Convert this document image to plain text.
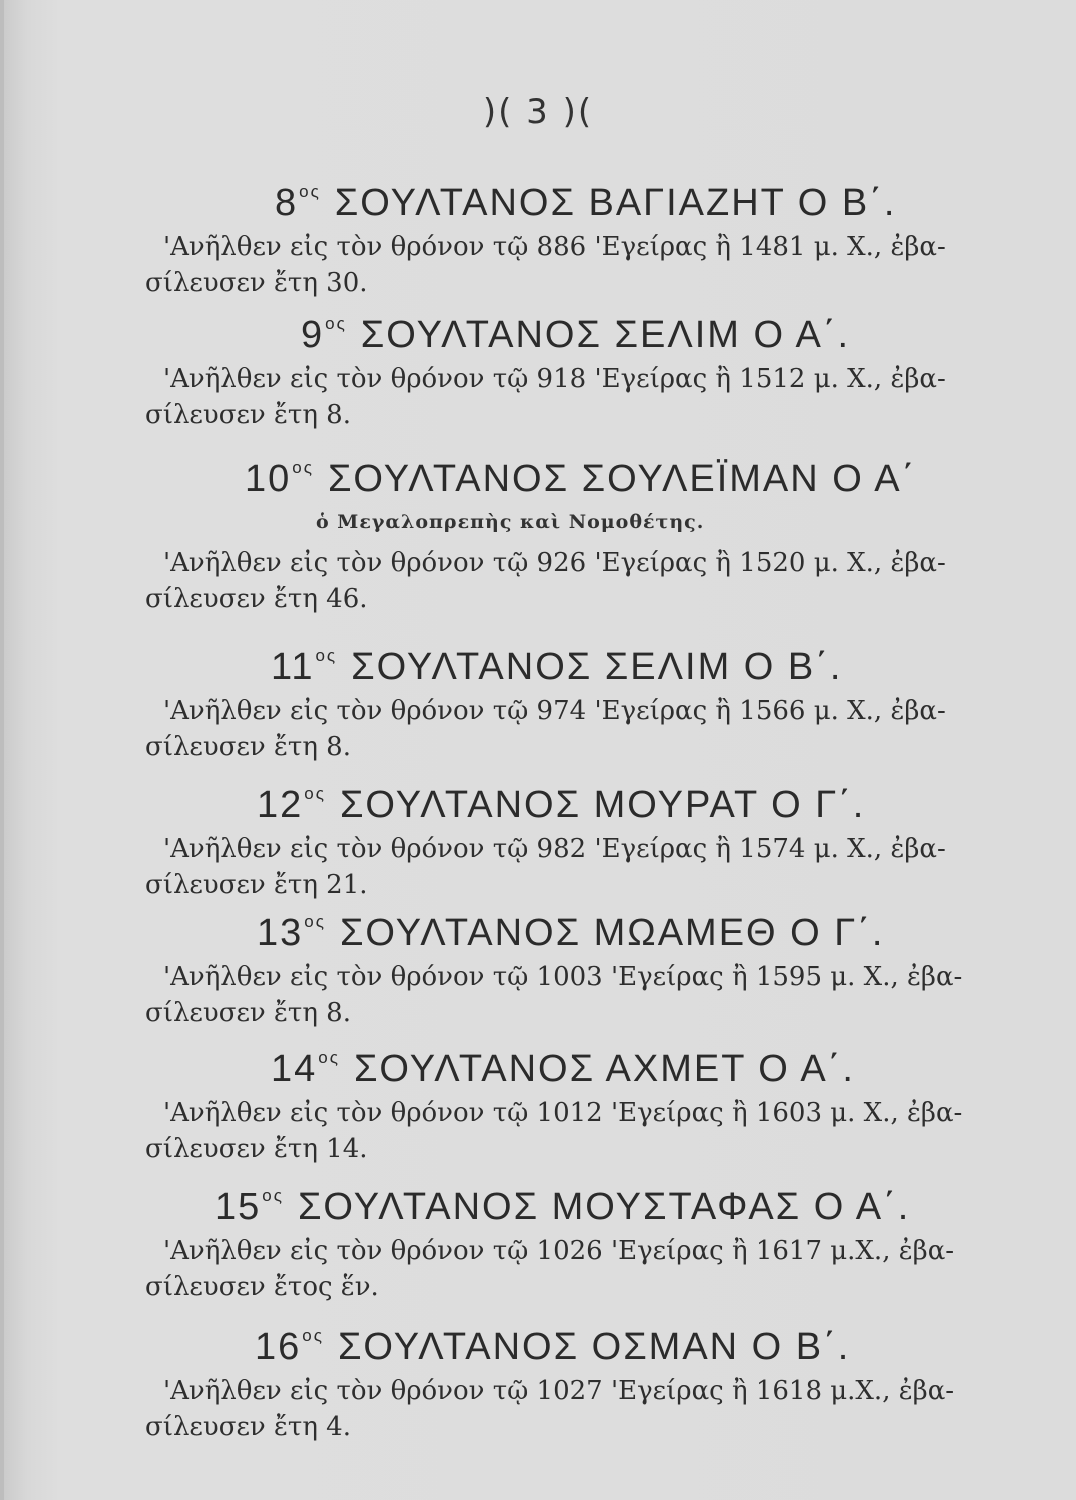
)( 3 )(
$8^{o\varsigma}$ ΣΟΥΛΤΑΝΟΣ ΒΑΓΙΑΖΗΤ Ο Β΄.
'Ανῆλθεν εἰς τὸν θρόνον τῷ 886 'Εγείρας ἢ 1481 μ. Χ., ἐβα-
σίλευσεν ἔτη 30.
$9^{o\varsigma}$ ΣΟΥΛΤΑΝΟΣ ΣΕΛΙΜ Ο Α΄.
'Ανῆλθεν εἰς τὸν θρόνον τῷ 918 'Εγείρας ἢ 1512 μ. Χ., ἐβα-
σίλευσεν ἔτη 8.
$10^{o\varsigma}$ ΣΟΥΛΤΑΝΟΣ ΣΟΥΛΕΪΜΑΝ Ο Α΄
ὁ Μεγαλοπρεπὴς καὶ Νομοθέτης.
'Ανῆλθεν εἰς τὸν θρόνον τῷ 926 'Εγείρας ἢ 1520 μ. Χ., ἐβα-
σίλευσεν ἔτη 46.
$11^{o\varsigma}$ ΣΟΥΛΤΑΝΟΣ ΣΕΛΙΜ Ο Β΄.
'Ανῆλθεν εἰς τὸν θρόνον τῷ 974 'Εγείρας ἢ 1566 μ. Χ., ἐβα-
σίλευσεν ἔτη 8.
$12^{o\varsigma}$ ΣΟΥΛΤΑΝΟΣ ΜΟΥΡΑΤ Ο Γ΄.
'Ανῆλθεν εἰς τὸν θρόνον τῷ 982 'Εγείρας ἢ 1574 μ. Χ., ἐβα-
σίλευσεν ἔτη 21.
$13^{o\varsigma}$ ΣΟΥΛΤΑΝΟΣ ΜΩΑΜΕΘ Ο Γ΄.
'Ανῆλθεν εἰς τὸν θρόνον τῷ 1003 'Εγείρας ἢ 1595 μ. Χ., ἐβα-
σίλευσεν ἔτη 8.
$14^{o\varsigma}$ ΣΟΥΛΤΑΝΟΣ ΑΧΜΕΤ Ο Α΄.
'Ανῆλθεν εἰς τὸν θρόνον τῷ 1012 'Εγείρας ἢ 1603 μ. Χ., ἐβα-
σίλευσεν ἔτη 14.
$15^{o\varsigma}$ ΣΟΥΛΤΑΝΟΣ ΜΟΥΣΤΑΦΑΣ Ο Α΄.
'Ανῆλθεν εἰς τὸν θρόνον τῷ 1026 'Εγείρας ἢ 1617 μ.Χ., ἐβα-
σίλευσεν ἔτος ἕν.
$16^{o\varsigma}$ ΣΟΥΛΤΑΝΟΣ ΟΣΜΑΝ Ο Β΄.
'Ανῆλθεν εἰς τὸν θρόνον τῷ 1027 'Εγείρας ἢ 1618 μ.Χ., ἐβα-
σίλευσεν ἔτη 4.
